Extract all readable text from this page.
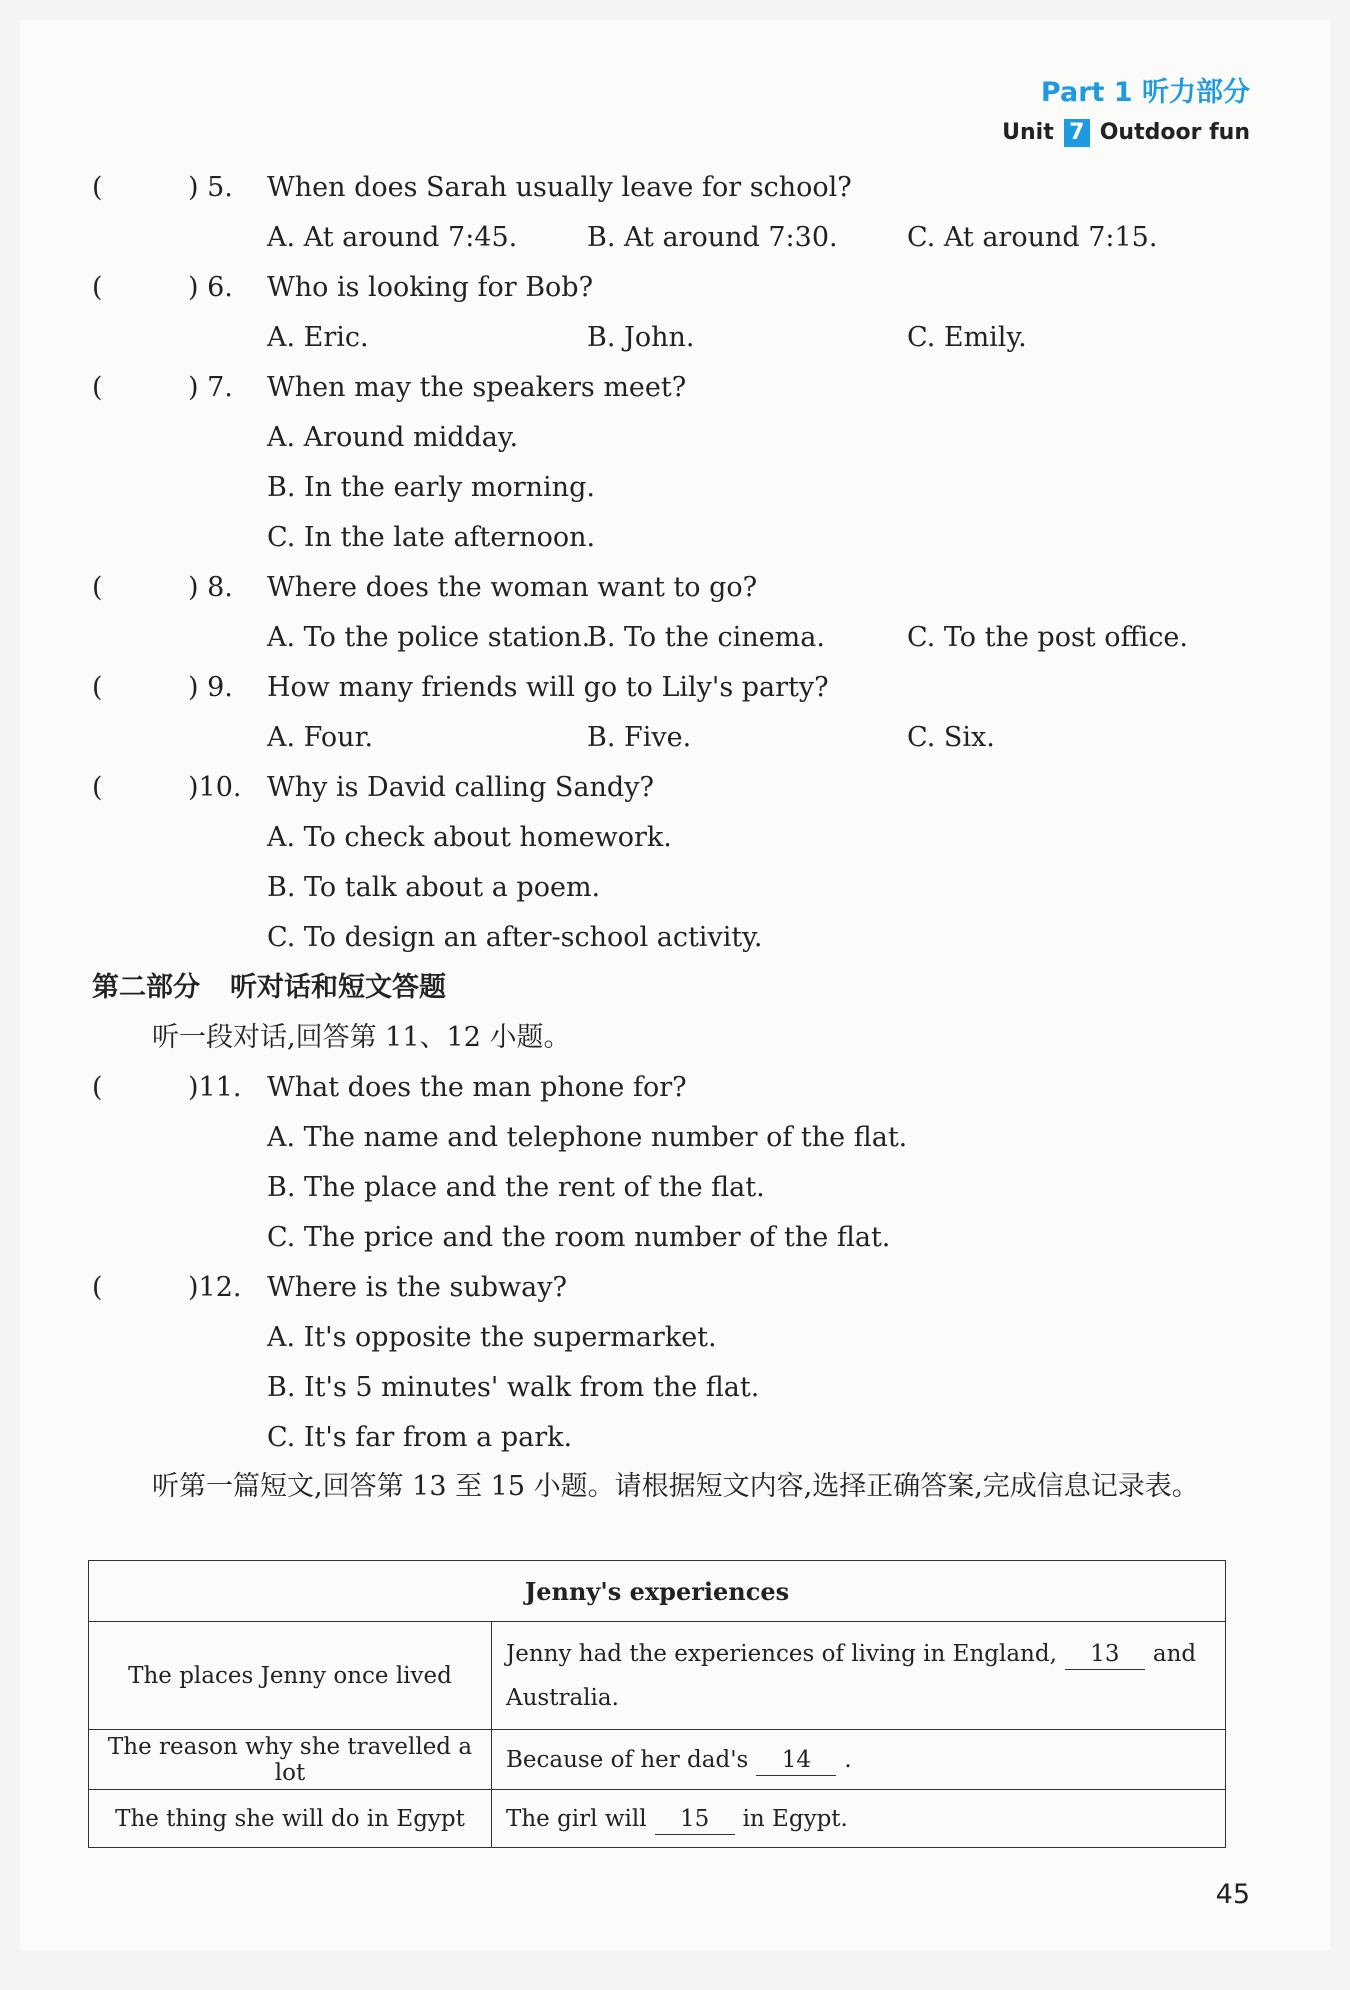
Part 1 听力部分
Unit 7 Outdoor fun
(	) 5. When does Sarah usually leave for school?
A. At around 7:45.	B. At around 7:30.	C. At around 7:15.
(	) 6. Who is looking for Bob?
A. Eric.	B. John.	C. Emily.
(	) 7. When may the speakers meet?
A. Around midday.
B. In the early morning.
C. In the late afternoon.
(	) 8. Where does the woman want to go?
A. To the police station.
B. To the cinema.	C. To the post office.
(	) 9. How many friends will go to Lily's party?
A. Four.	B. Five.	C. Six.
(	)10. Why is David calling Sandy?
A. To check about homework.
B. To talk about a poem.
C. To design an after-school activity.
第二部分 听对话和短文答题
听一段对话,回答第 11、12 小题。
(	)11. What does the man phone for?
A. The name and telephone number of the flat.
B. The place and the rent of the flat.
C. The price and the room number of the flat.
(	)12. Where is the subway?
A. It's opposite the supermarket.
B. It's 5 minutes' walk from the flat.
C. It's far from a park.
听第一篇短文,回答第 13 至 15 小题。请根据短文内容,选择正确答案,完成信息记录表。
Jenny's experiences	
The places Jenny once lived	Jenny had the experiences of living in England, 13 and Australia.
The reason why she travelled a lot	Because of her dad's 14 .
The thing she will do in Egypt	The girl will 15 in Egypt.
45
